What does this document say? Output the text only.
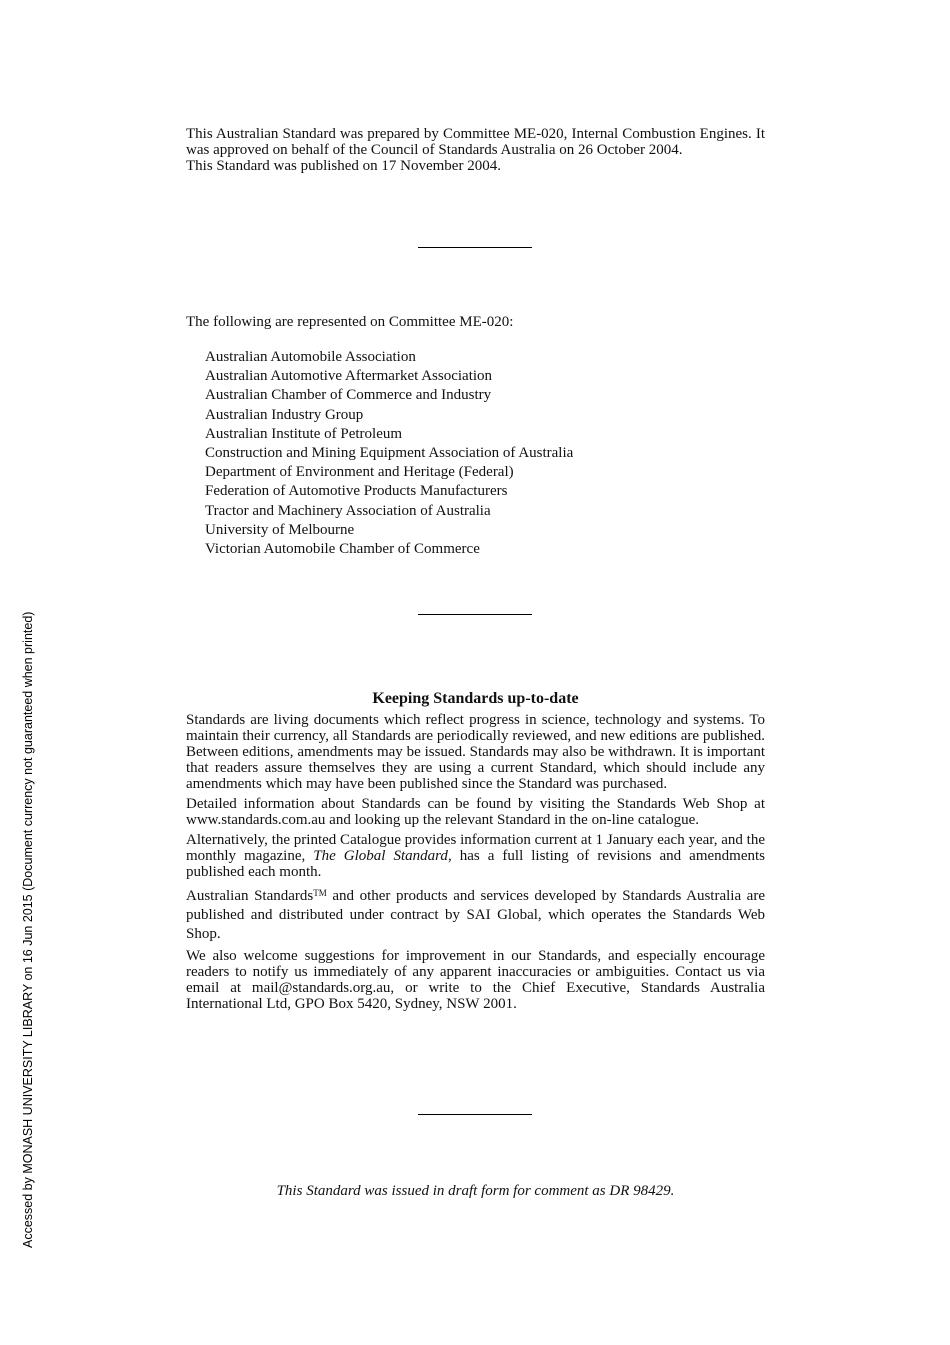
Accessed by MONASH UNIVERSITY LIBRARY on 16 Jun 2015 (Document currency not guaranteed when printed)

This Australian Standard was prepared by Committee ME-020, Internal Combustion Engines. It was approved on behalf of the Council of Standards Australia on 26 October 2004.

This Standard was published on 17 November 2004.

The following are represented on Committee ME-020:

Australian Automobile Association
Australian Automotive Aftermarket Association
Australian Chamber of Commerce and Industry
Australian Industry Group
Australian Institute of Petroleum
Construction and Mining Equipment Association of Australia
Department of Environment and Heritage (Federal)
Federation of Automotive Products Manufacturers
Tractor and Machinery Association of Australia
University of Melbourne
Victorian Automobile Chamber of Commerce
Keeping Standards up-to-date

Standards are living documents which reflect progress in science, technology and systems. To maintain their currency, all Standards are periodically reviewed, and new editions are published. Between editions, amendments may be issued. Standards may also be withdrawn. It is important that readers assure themselves they are using a current Standard, which should include any amendments which may have been published since the Standard was purchased.

Detailed information about Standards can be found by visiting the Standards Web Shop at www.standards.com.au and looking up the relevant Standard in the on-line catalogue.

Alternatively, the printed Catalogue provides information current at 1 January each year, and the monthly magazine, The Global Standard, has a full listing of revisions and amendments published each month.

Australian Standards™ and other products and services developed by Standards Australia are published and distributed under contract by SAI Global, which operates the Standards Web Shop.

We also welcome suggestions for improvement in our Standards, and especially encourage readers to notify us immediately of any apparent inaccuracies or ambiguities. Contact us via email at mail@standards.org.au, or write to the Chief Executive, Standards Australia International Ltd, GPO Box 5420, Sydney, NSW 2001.

This Standard was issued in draft form for comment as DR 98429.
